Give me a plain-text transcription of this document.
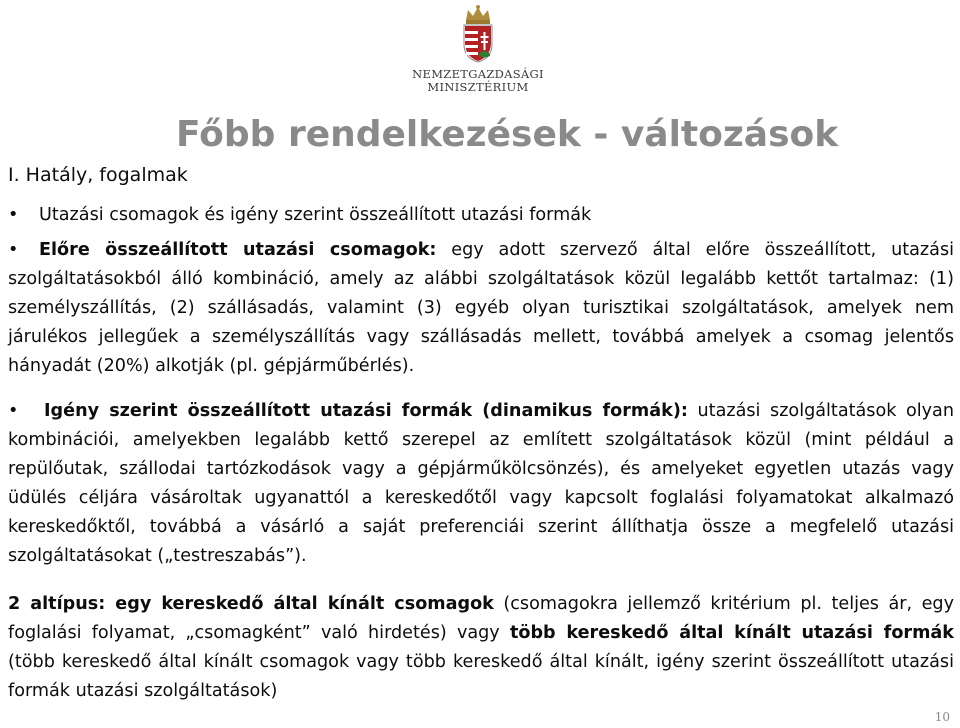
NEMZETGAZDASÁGI
MINISZTÉRIUM
Főbb rendelkezések - változások
I. Hatály, fogalmak
• Utazási csomagok és igény szerint összeállított utazási formák
• Előre összeállított utazási csomagok: egy adott szervező által előre összeállított, utazási szolgáltatásokból álló kombináció, amely az alábbi szolgáltatások közül legalább kettőt tartalmaz: (1) személyszállítás, (2) szállásadás, valamint (3) egyéb olyan turisztikai szolgáltatások, amelyek nem járulékos jellegűek a személyszállítás vagy szállásadás mellett, továbbá amelyek a csomag jelentős hányadát (20%) alkotják (pl. gépjárműbérlés).
• Igény szerint összeállított utazási formák (dinamikus formák): utazási szolgáltatások olyan kombinációi, amelyekben legalább kettő szerepel az említett szolgáltatások közül (mint például a repülőutak, szállodai tartózkodások vagy a gépjárműkölcsönzés), és amelyeket egyetlen utazás vagy üdülés céljára vásároltak ugyanattól a kereskedőtől vagy kapcsolt foglalási folyamatokat alkalmazó kereskedőktől, továbbá a vásárló a saját preferenciái szerint állíthatja össze a megfelelő utazási szolgáltatásokat („testreszabás”).
2 altípus: egy kereskedő által kínált csomagok (csomagokra jellemző kritérium pl. teljes ár, egy foglalási folyamat, „csomagként” való hirdetés) vagy több kereskedő által kínált utazási formák (több kereskedő által kínált csomagok vagy több kereskedő által kínált, igény szerint összeállított utazási formák utazási szolgáltatások)
10
